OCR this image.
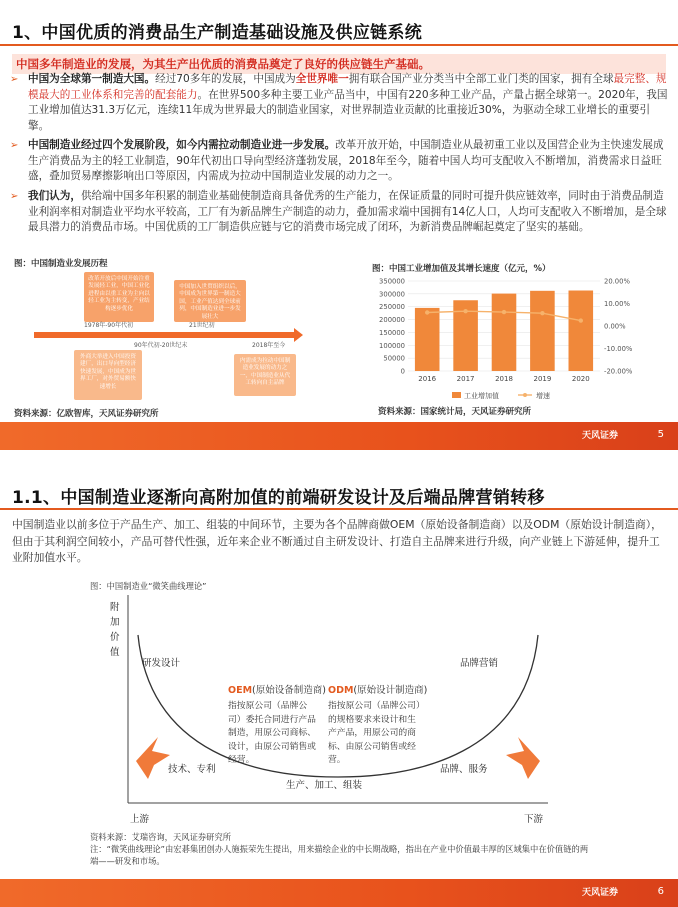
1、中国优质的消费品生产制造基础设施及供应链系统
中国多年制造业的发展，为其生产出优质的消费品奠定了良好的供应链生产基础。
➢ 中国为全球第一制造大国。经过70多年的发展，中国成为全世界唯一拥有联合国产业分类当中全部工业门类的国家，拥有全球最完整、规模最大的工业体系和完善的配套能力。在世界500多种主要工业产品当中，中国有220多种工业产品，产量占据全球第一。2020年，我国工业增加值达31.3万亿元，连续11年成为世界最大的制造业国家，对世界制造业贡献的比重接近30%，为驱动全球工业增长的重要引擎。
➢ 中国制造业经过四个发展阶段，如今内需拉动制造业进一步发展。改革开放开始，中国制造业从最初重工业以及国营企业为主快速发展成生产消费品为主的轻工业制造，90年代初出口导向型经济蓬勃发展，2018年至今，随着中国人均可支配收入不断增加，消费需求日益旺盛，叠加贸易摩擦影响出口等原因，内需成为拉动中国制造业发展的动力之一。
➢ 我们认为，供给端中国多年积累的制造业基础使制造商具备优秀的生产能力，在保证质量的同时可提升供应链效率，同时由于消费品制造业利润率相对制造业平均水平较高，工厂有为新品牌生产制造的动力，叠加需求端中国拥有14亿人口，人均可支配收入不断增加，是全球最具潜力的消费品市场。中国优质的工厂制造供应链与它的消费市场完成了闭环，为新消费品牌崛起奠定了坚实的基础。
图：中国制造业发展历程
改革开放后中国开始注重发展轻工业，中国工业化进程由以重工业为主向以轻工业为主转变，产业结构逐步优化
中国加入世贸组织以后，中国成为世界第一制造大国，工业产值达到全球前列，中国制造业进一步发展壮大
1978年-90年代初	21世纪初
90年代初-20世纪末	2018年至今
外商大举进入中国投资建厂，出口导向型经济快速发展，中国成为世界工厂，对外贸易额快速增长
内需成为拉动中国制造业发展的动力之一，中国制造业从代工转向自主品牌
资料来源：亿欧智库，天风证券研究所
图：中国工业增加值及其增长速度（亿元，%）
0
50000
100000
150000
200000
250000
300000
350000
-20.00%
-10.00%
0.00%
10.00%
20.00%
2016	2017	2018	2019	2020
工业增加值	增速
资料来源：国家统计局，天风证券研究所
天风证券	5
1.1、中国制造业逐渐向高附加值的前端研发设计及后端品牌营销转移
中国制造业以前多位于产品生产、加工、组装的中间环节，主要为各个品牌商做OEM（原始设备制造商）以及ODM（原始设计制造商），但由于其利润空间较小，产品可替代性强，近年来企业不断通过自主研发设计、打造自主品牌来进行升级，向产业链上下游延伸，提升工业附加值水平。
图：中国制造业“微笑曲线理论”
附加价值
研发设计	品牌营销
技术、专利	品牌、服务
生产、加工、组装
上游	下游
OEM(原始设备制造商)
指按原公司（品牌公司）委托合同进行产品制造，用原公司商标、设计，由原公司销售或经营。
ODM(原始设计制造商)
指按原公司（品牌公司）的规格要求来设计和生产产品，用原公司的商标、由原公司销售或经营。
资料来源：艾瑞咨询，天风证券研究所
注：“微笑曲线理论”由宏碁集团创办人施振荣先生提出，用来描绘企业的中长期战略，指出在产业中价值最丰厚的区域集中在价值链的两端——研发和市场。
天风证券	6
